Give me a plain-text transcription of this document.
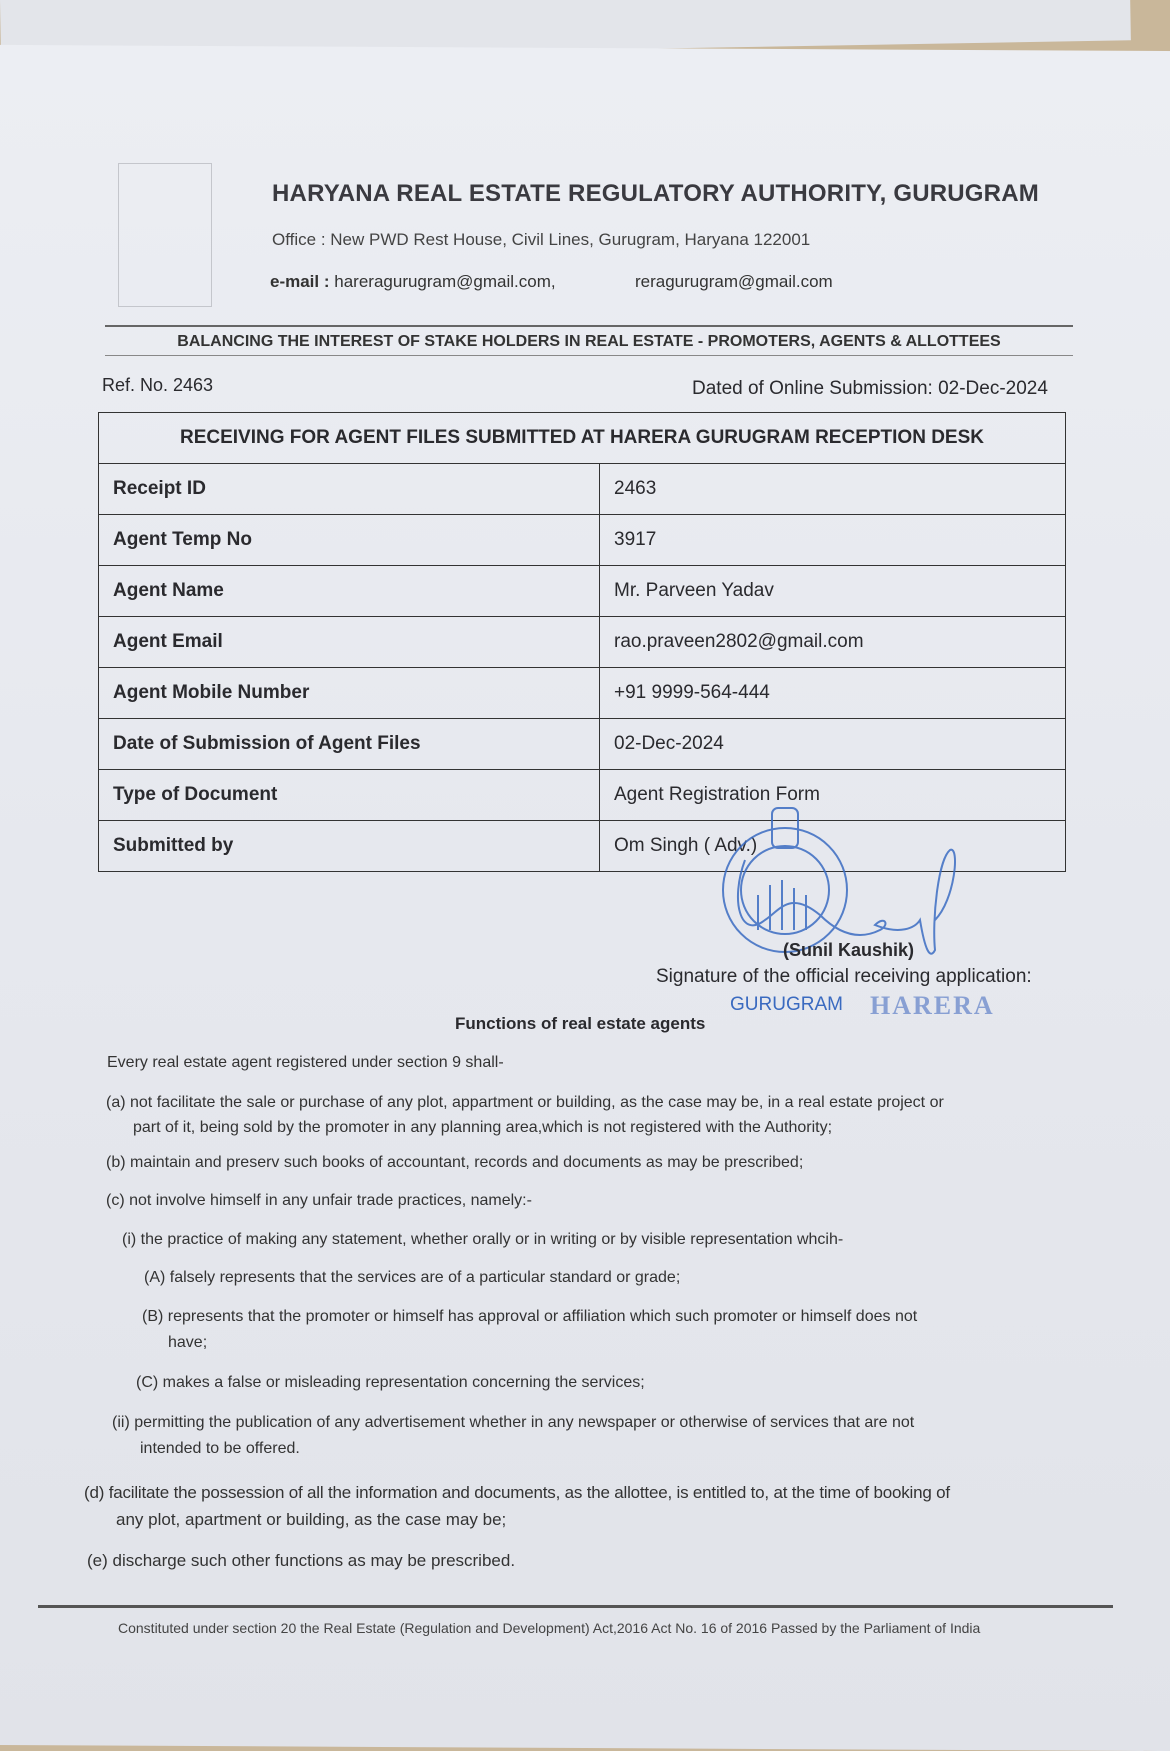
HARYANA REAL ESTATE REGULATORY AUTHORITY, GURUGRAM
Office : New PWD Rest House, Civil Lines, Gurugram, Haryana 122001
e-mail : hareragurugram@gmail.com,	reragurugram@gmail.com
BALANCING THE INTEREST OF STAKE HOLDERS IN REAL ESTATE - PROMOTERS, AGENTS & ALLOTTEES
Ref. No. 2463	Dated of Online Submission: 02-Dec-2024
RECEIVING FOR AGENT FILES SUBMITTED AT HARERA GURUGRAM RECEPTION DESK	
Receipt ID	2463
Agent Temp No	3917
Agent Name	Mr. Parveen Yadav
Agent Email	rao.praveen2802@gmail.com
Agent Mobile Number	+91 9999-564-444
Date of Submission of Agent Files	02-Dec-2024
Type of Document	Agent Registration Form
Submitted by	Om Singh ( Adv.)
(Sunil Kaushik)
Signature of the official receiving application:
GURUGRAM HARERA
Functions of real estate agents
Every real estate agent registered under section 9 shall-
(a) not facilitate the sale or purchase of any plot, appartment or building, as the case may be, in a real estate project or
part of it, being sold by the promoter in any planning area,which is not registered with the Authority;
(b) maintain and preserv such books of accountant, records and documents as may be prescribed;
(c) not involve himself in any unfair trade practices, namely:-
(i) the practice of making any statement, whether orally or in writing or by visible representation whcih-
(A) falsely represents that the services are of a particular standard or grade;
(B) represents that the promoter or himself has approval or affiliation which such promoter or himself does not
have;
(C) makes a false or misleading representation concerning the services;
(ii) permitting the publication of any advertisement whether in any newspaper or otherwise of services that are not
intended to be offered.
(d) facilitate the possession of all the information and documents, as the allottee, is entitled to, at the time of booking of
any plot, apartment or building, as the case may be;
(e) discharge such other functions as may be prescribed.
Constituted under section 20 the Real Estate (Regulation and Development) Act,2016 Act No. 16 of 2016 Passed by the Parliament of India
